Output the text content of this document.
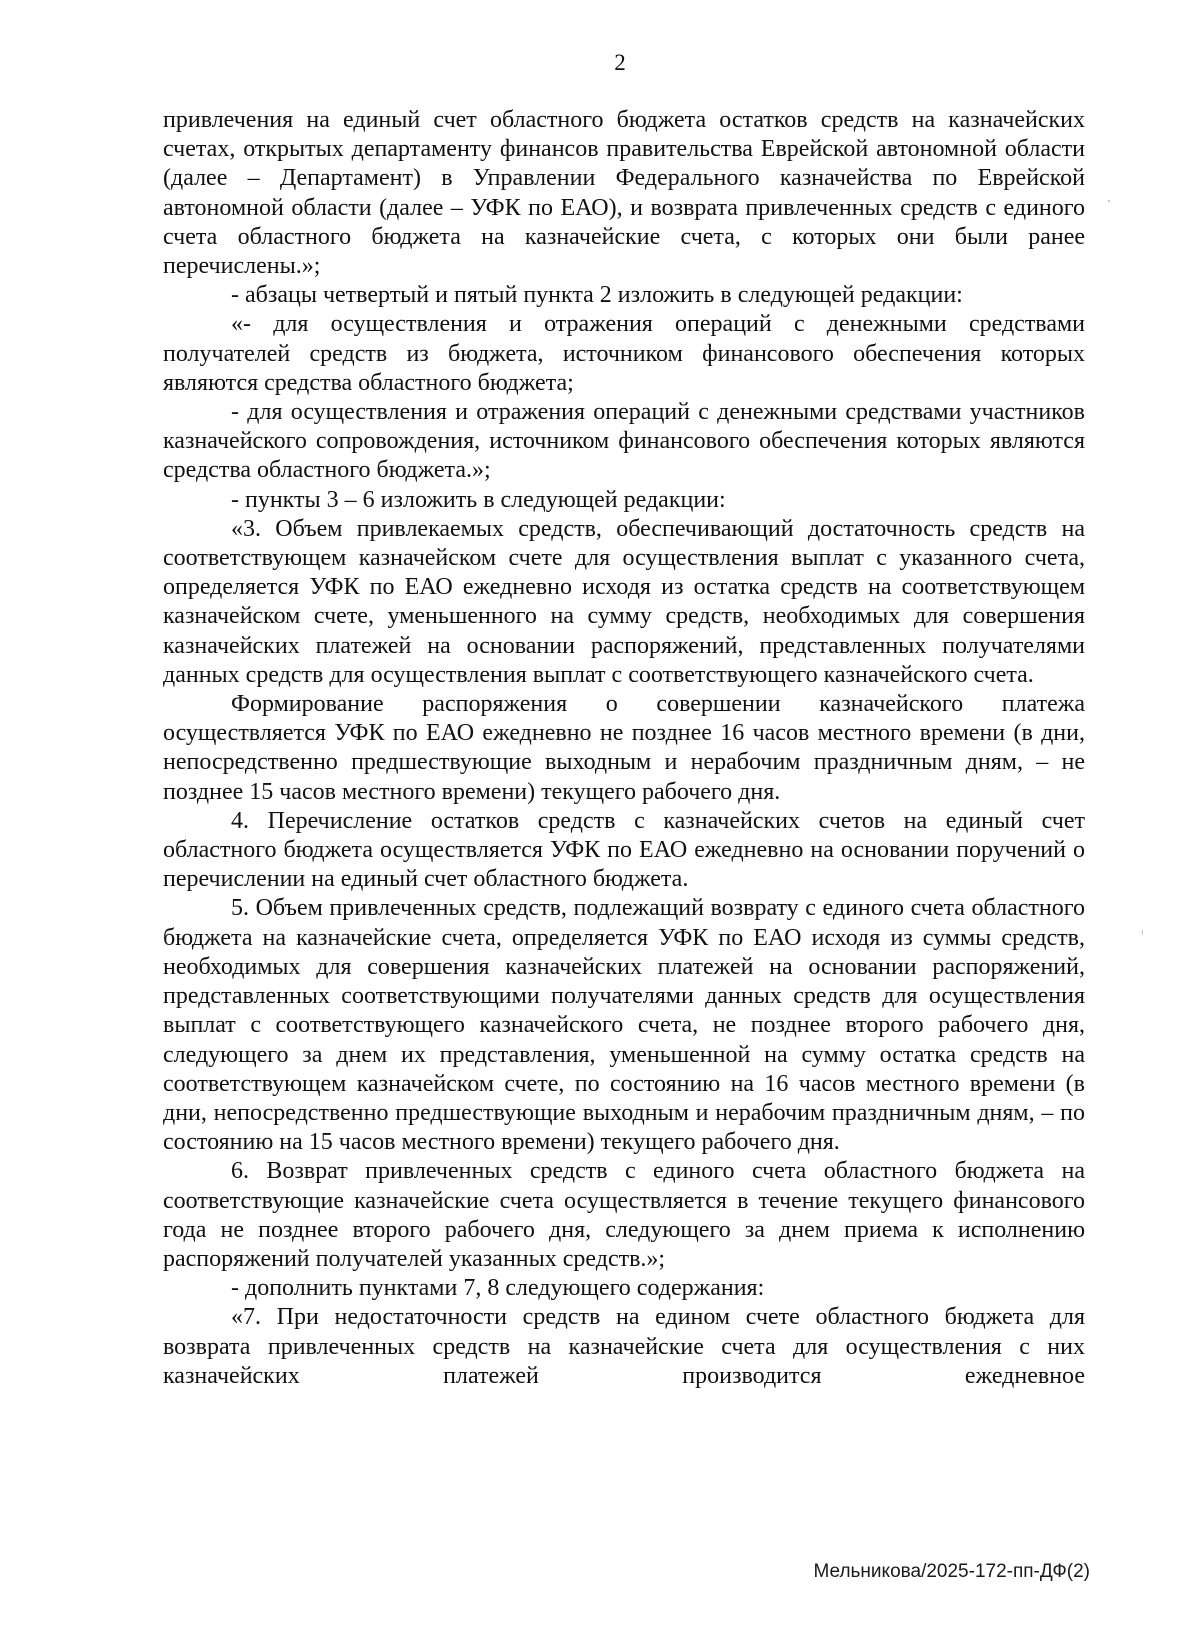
2

привлечения на единый счет областного бюджета остатков средств на казначейских счетах, открытых департаменту финансов правительства Еврейской автономной области (далее – Департамент) в Управлении Федерального казначейства по Еврейской автономной области (далее – УФК по ЕАО), и возврата привлеченных средств с единого счета областного бюджета на казначейские счета, с которых они были ранее перечислены.»;

- абзацы четвертый и пятый пункта 2 изложить в следующей редакции:

«- для осуществления и отражения операций с денежными средствами получателей средств из бюджета, источником финансового обеспечения которых являются средства областного бюджета;

- для осуществления и отражения операций с денежными средствами участников казначейского сопровождения, источником финансового обеспечения которых являются средства областного бюджета.»;

- пункты 3 – 6 изложить в следующей редакции:

«3. Объем привлекаемых средств, обеспечивающий достаточность средств на соответствующем казначейском счете для осуществления выплат с указанного счета, определяется УФК по ЕАО ежедневно исходя из остатка средств на соответствующем казначейском счете, уменьшенного на сумму средств, необходимых для совершения казначейских платежей на основании распоряжений, представленных получателями данных средств для осуществления выплат с соответствующего казначейского счета.

Формирование распоряжения о совершении казначейского платежа осуществляется УФК по ЕАО ежедневно не позднее 16 часов местного времени (в дни, непосредственно предшествующие выходным и нерабочим праздничным дням, – не позднее 15 часов местного времени) текущего рабочего дня.

4. Перечисление остатков средств с казначейских счетов на единый счет областного бюджета осуществляется УФК по ЕАО ежедневно на основании поручений о перечислении на единый счет областного бюджета.

5. Объем привлеченных средств, подлежащий возврату с единого счета областного бюджета на казначейские счета, определяется УФК по ЕАО исходя из суммы средств, необходимых для совершения казначейских платежей на основании распоряжений, представленных соответствующими получателями данных средств для осуществления выплат с соответствующего казначейского счета, не позднее второго рабочего дня, следующего за днем их представления, уменьшенной на сумму остатка средств на соответствующем казначейском счете, по состоянию на 16 часов местного времени (в дни, непосредственно предшествующие выходным и нерабочим праздничным дням, – по состоянию на 15 часов местного времени) текущего рабочего дня.

6. Возврат привлеченных средств с единого счета областного бюджета на соответствующие казначейские счета осуществляется в течение текущего финансового года не позднее второго рабочего дня, следующего за днем приема к исполнению распоряжений получателей указанных средств.»;

- дополнить пунктами 7, 8 следующего содержания:

«7. При недостаточности средств на едином счете областного бюджета для возврата привлеченных средств на казначейские счета для осуществления с них казначейских платежей производится ежедневное

Мельникова/2025-172-пп-ДФ(2)
